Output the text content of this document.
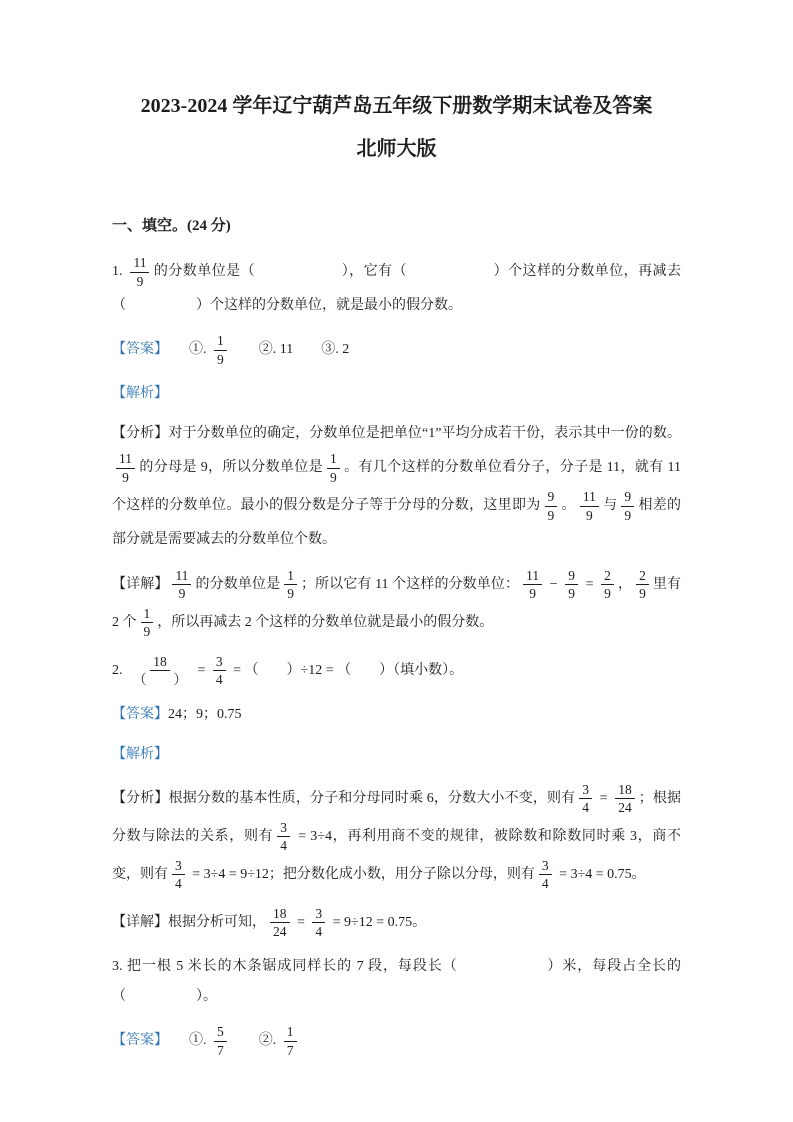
2023-2024 学年辽宁葫芦岛五年级下册数学期末试卷及答案
北师大版
一、填空。(24 分)
1. $\frac{11}{9}$ 的分数单位是（　　　　　　），它有（　　　　　　）个这样的分数单位，再减去（　　　　　）个这样的分数单位，就是最小的假分数。
【答案】　　①. $\frac{1}{9}$ 　　②. 11　　③. 2
【解析】
【分析】对于分数单位的确定，分数单位是把单位“1”平均分成若干份，表示其中一份的数。
$\frac{11}{9}$ 的分母是 9，所以分数单位是 $\frac{1}{9}$ 。有几个这样的分数单位看分子，分子是 11，就有 11 个这样的分数单位。最小的假分数是分子等于分母的分数，这里即为 $\frac{9}{9}$ 。 $\frac{11}{9}$ 与 $\frac{9}{9}$ 相差的部分就是需要减去的分数单位个数。
【详解】 $\frac{11}{9}$ 的分数单位是 $\frac{1}{9}$ ；所以它有 11 个这样的分数单位： $\frac{11}{9} - \frac{9}{9} = \frac{2}{9}$ ， $\frac{2}{9}$ 里有 2 个 $\frac{1}{9}$ ，所以再减去 2 个这样的分数单位就是最小的假分数。
2. $\frac{18}{( )} = \frac{3}{4}$ = （　　）÷12 = （　　）（填小数）。
【答案】24；9；0.75
【解析】
【分析】根据分数的基本性质，分子和分母同时乘 6，分数大小不变，则有 $\frac{3}{4} = \frac{18}{24}$ ；根据分数与除法的关系，则有 $\frac{3}{4} = 3\div 4$，再利用商不变的规律，被除数和除数同时乘 3，商不变，则有 $\frac{3}{4} = 3\div 4 = 9\div 12$；把分数化成小数，用分子除以分母，则有 $\frac{3}{4} = 3\div 4 = 0.75$。
【详解】根据分析可知， $\frac{18}{24} = \frac{3}{4} = 9\div 12 = 0.75$。
3. 把一根 5 米长的木条锯成同样长的 7 段，每段长（　　　　　　）米，每段占全长的（　　　　　）。
【答案】　　①. $\frac{5}{7}$ 　　②. $\frac{1}{7}$
